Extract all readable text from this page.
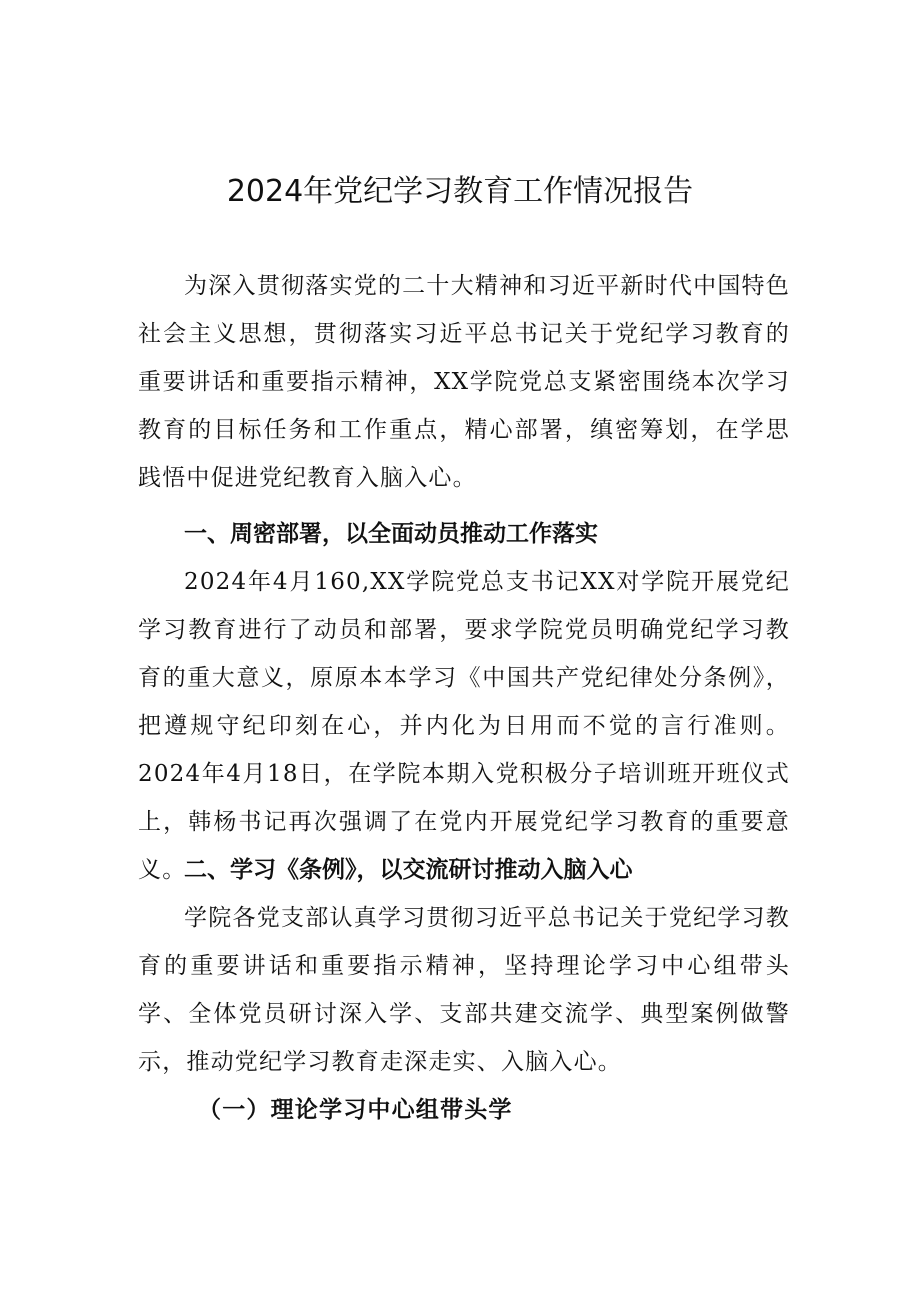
2024年党纪学习教育工作情况报告

为深入贯彻落实党的二十大精神和习近平新时代中国特色社会主义思想，贯彻落实习近平总书记关于党纪学习教育的重要讲话和重要指示精神，XX学院党总支紧密围绕本次学习教育的目标任务和工作重点，精心部署，缜密筹划，在学思践悟中促进党纪教育入脑入心。

一、周密部署，以全面动员推动工作落实

2024年4月160,XX学院党总支书记XX对学院开展党纪学习教育进行了动员和部署，要求学院党员明确党纪学习教育的重大意义，原原本本学习《中国共产党纪律处分条例》，把遵规守纪印刻在心，并内化为日用而不觉的言行准则。2024年4月18日，在学院本期入党积极分子培训班开班仪式上，韩杨书记再次强调了在党内开展党纪学习教育的重要意义。

二、学习《条例》，以交流研讨推动入脑入心

学院各党支部认真学习贯彻习近平总书记关于党纪学习教育的重要讲话和重要指示精神，坚持理论学习中心组带头学、全体党员研讨深入学、支部共建交流学、典型案例做警示，推动党纪学习教育走深走实、入脑入心。

（一）理论学习中心组带头学
